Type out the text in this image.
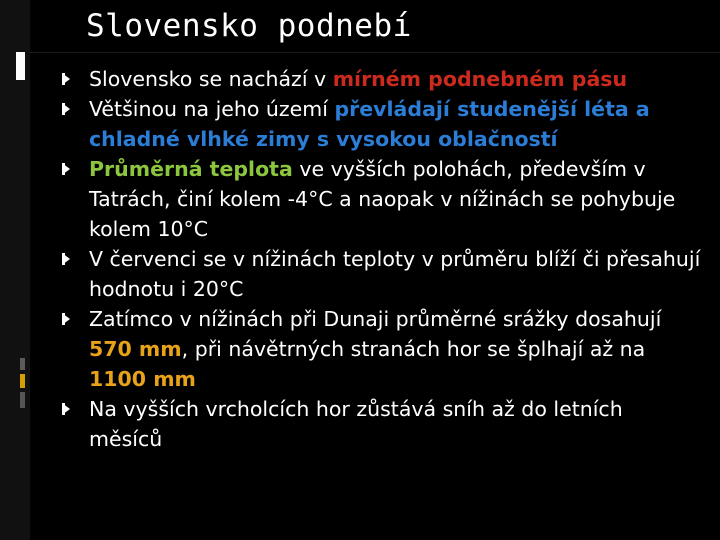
Slovensko podnebí
Slovensko se nachází v mírném podnebném pásu
Většinou na jeho území převládají studenější léta a chladné vlhké zimy s vysokou oblačností
Průměrná teplota ve vyšších polohách, především v Tatrách, činí kolem -4°C a naopak v nížinách se pohybuje kolem 10°C
V červenci se v nížinách teploty v průměru blíží či přesahují hodnotu i 20°C
Zatímco v nížinách při Dunaji průměrné srážky dosahují 570 mm, při návětrných stranách hor se šplhají až na 1100 mm
Na vyšších vrcholcích hor zůstává sníh až do letních měsíců
